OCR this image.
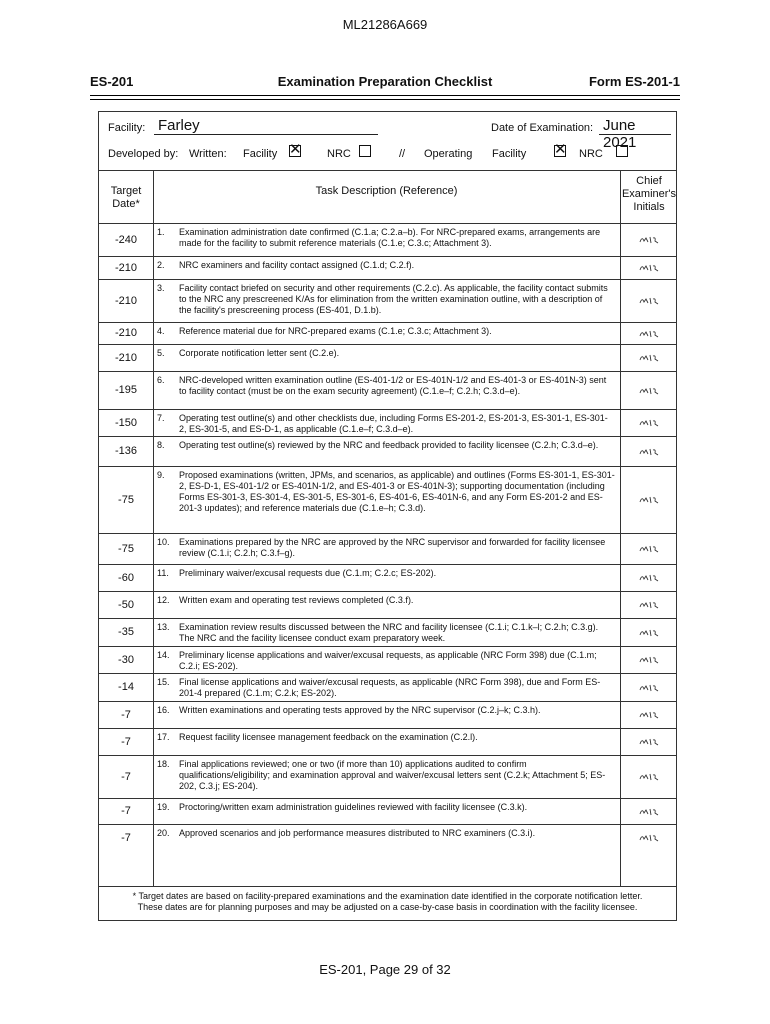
ML21286A669
ES-201	Examination Preparation Checklist	Form ES-201-1
Facility: Farley	Date of Examination: June 2021
Developed by: Written: Facility ✕ NRC	// Operating Facility ✕ NRC
Target
Date*
Task Description (Reference)
Chief
Examiner's
Initials
-240
1. Examination administration date confirmed (C.1.a; C.2.a–b). For NRC-prepared exams, arrangements are made for the facility to submit reference materials (C.1.e; C.3.c; Attachment 3).
-210	2. NRC examiners and facility contact assigned (C.1.d; C.2.f).
-210
3. Facility contact briefed on security and other requirements (C.2.c). As applicable, the facility contact submits to the NRC any prescreened K/As for elimination from the written examination outline, with a description of the facility's prescreening process (ES-401, D.1.b).
-210	4. Reference material due for NRC-prepared exams (C.1.e; C.3.c; Attachment 3).
-210	5. Corporate notification letter sent (C.2.e).
-195
6. NRC-developed written examination outline (ES-401-1/2 or ES-401N-1/2 and ES-401-3 or ES-401N-3) sent to facility contact (must be on the exam security agreement) (C.1.e–f; C.2.h; C.3.d–e).
-150	7. Operating test outline(s) and other checklists due, including Forms ES-201-2, ES-201-3, ES-301-1, ES-301-2, ES-301-5, and ES-D-1, as applicable (C.1.e–f; C.3.d–e).
-136	8. Operating test outline(s) reviewed by the NRC and feedback provided to facility licensee (C.2.h; C.3.d–e).
-75
9. Proposed examinations (written, JPMs, and scenarios, as applicable) and outlines (Forms ES-301-1, ES-301-2, ES-D-1, ES-401-1/2 or ES-401N-1/2, and ES-401-3 or ES-401N-3); supporting documentation (including Forms ES-301-3, ES-301-4, ES-301-5, ES-301-6, ES-401-6, ES-401N-6, and any Form ES-201-2 and ES-201-3 updates); and reference materials due (C.1.e–h; C.3.d).
-75
10. Examinations prepared by the NRC are approved by the NRC supervisor and forwarded for facility licensee review (C.1.i; C.2.h; C.3.f–g).
-60	11. Preliminary waiver/excusal requests due (C.1.m; C.2.c; ES-202).
-50	12. Written exam and operating test reviews completed (C.3.f).
-35	13. Examination review results discussed between the NRC and facility licensee (C.1.i; C.1.k–l; C.2.h; C.3.g). The NRC and the facility licensee conduct exam preparatory week.
-30	14. Preliminary license applications and waiver/excusal requests, as applicable (NRC Form 398) due (C.1.m; C.2.i; ES-202).
-14	15. Final license applications and waiver/excusal requests, as applicable (NRC Form 398), due and Form ES-201-4 prepared (C.1.m; C.2.k; ES-202).
-7	16. Written examinations and operating tests approved by the NRC supervisor (C.2.j–k; C.3.h).
-7	17. Request facility licensee management feedback on the examination (C.2.l).
-7
18. Final applications reviewed; one or two (if more than 10) applications audited to confirm qualifications/eligibility; and examination approval and waiver/excusal letters sent (C.2.k; Attachment 5; ES-202, C.3.j; ES-204).
-7	19. Proctoring/written exam administration guidelines reviewed with facility licensee (C.3.k).
-7	20. Approved scenarios and job performance measures distributed to NRC examiners (C.3.i).
* Target dates are based on facility-prepared examinations and the examination date identified in the corporate notification letter.
These dates are for planning purposes and may be adjusted on a case-by-case basis in coordination with the facility licensee.
ES-201, Page 29 of 32
